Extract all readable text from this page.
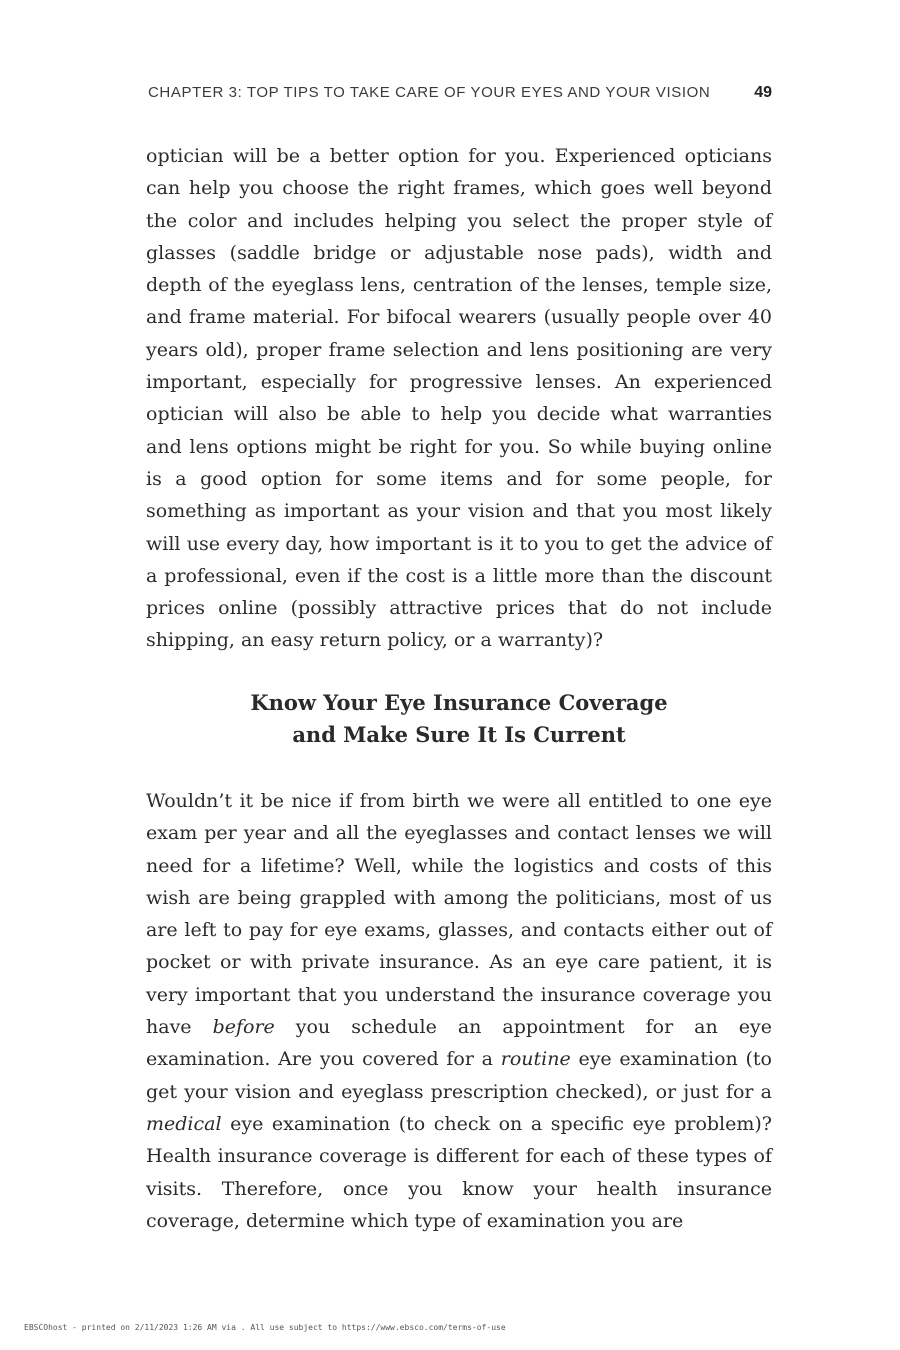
CHAPTER 3: TOP TIPS TO TAKE CARE OF YOUR EYES AND YOUR VISION	49

optician will be a better option for you. Experienced opticians can help you choose the right frames, which goes well beyond the color and includes helping you select the proper style of glasses (saddle bridge or adjustable nose pads), width and depth of the eyeglass lens, centration of the lenses, temple size, and frame material. For bifocal wearers (usually people over 40 years old), proper frame selection and lens positioning are very important, especially for progressive lenses. An experienced optician will also be able to help you decide what warranties and lens options might be right for you. So while buying online is a good option for some items and for some people, for something as important as your vision and that you most likely will use every day, how important is it to you to get the advice of a professional, even if the cost is a little more than the discount prices online (possibly attractive prices that do not include shipping, an easy return policy, or a warranty)?

Know Your Eye Insurance Coverage
and Make Sure It Is Current

Wouldn’t it be nice if from birth we were all entitled to one eye exam per year and all the eyeglasses and contact lenses we will need for a lifetime? Well, while the logistics and costs of this wish are being grappled with among the politicians, most of us are left to pay for eye exams, glasses, and contacts either out of pocket or with private insurance. As an eye care patient, it is very important that you understand the insurance coverage you have before you schedule an appointment for an eye examination. Are you covered for a routine eye examination (to get your vision and eyeglass prescription checked), or just for a medical eye examination (to check on a specific eye problem)? Health insurance coverage is different for each of these types of visits. Therefore, once you know your health insurance coverage, determine which type of examination you are

EBSCOhost - printed on 2/11/2023 1:26 AM via . All use subject to https://www.ebsco.com/terms-of-use
